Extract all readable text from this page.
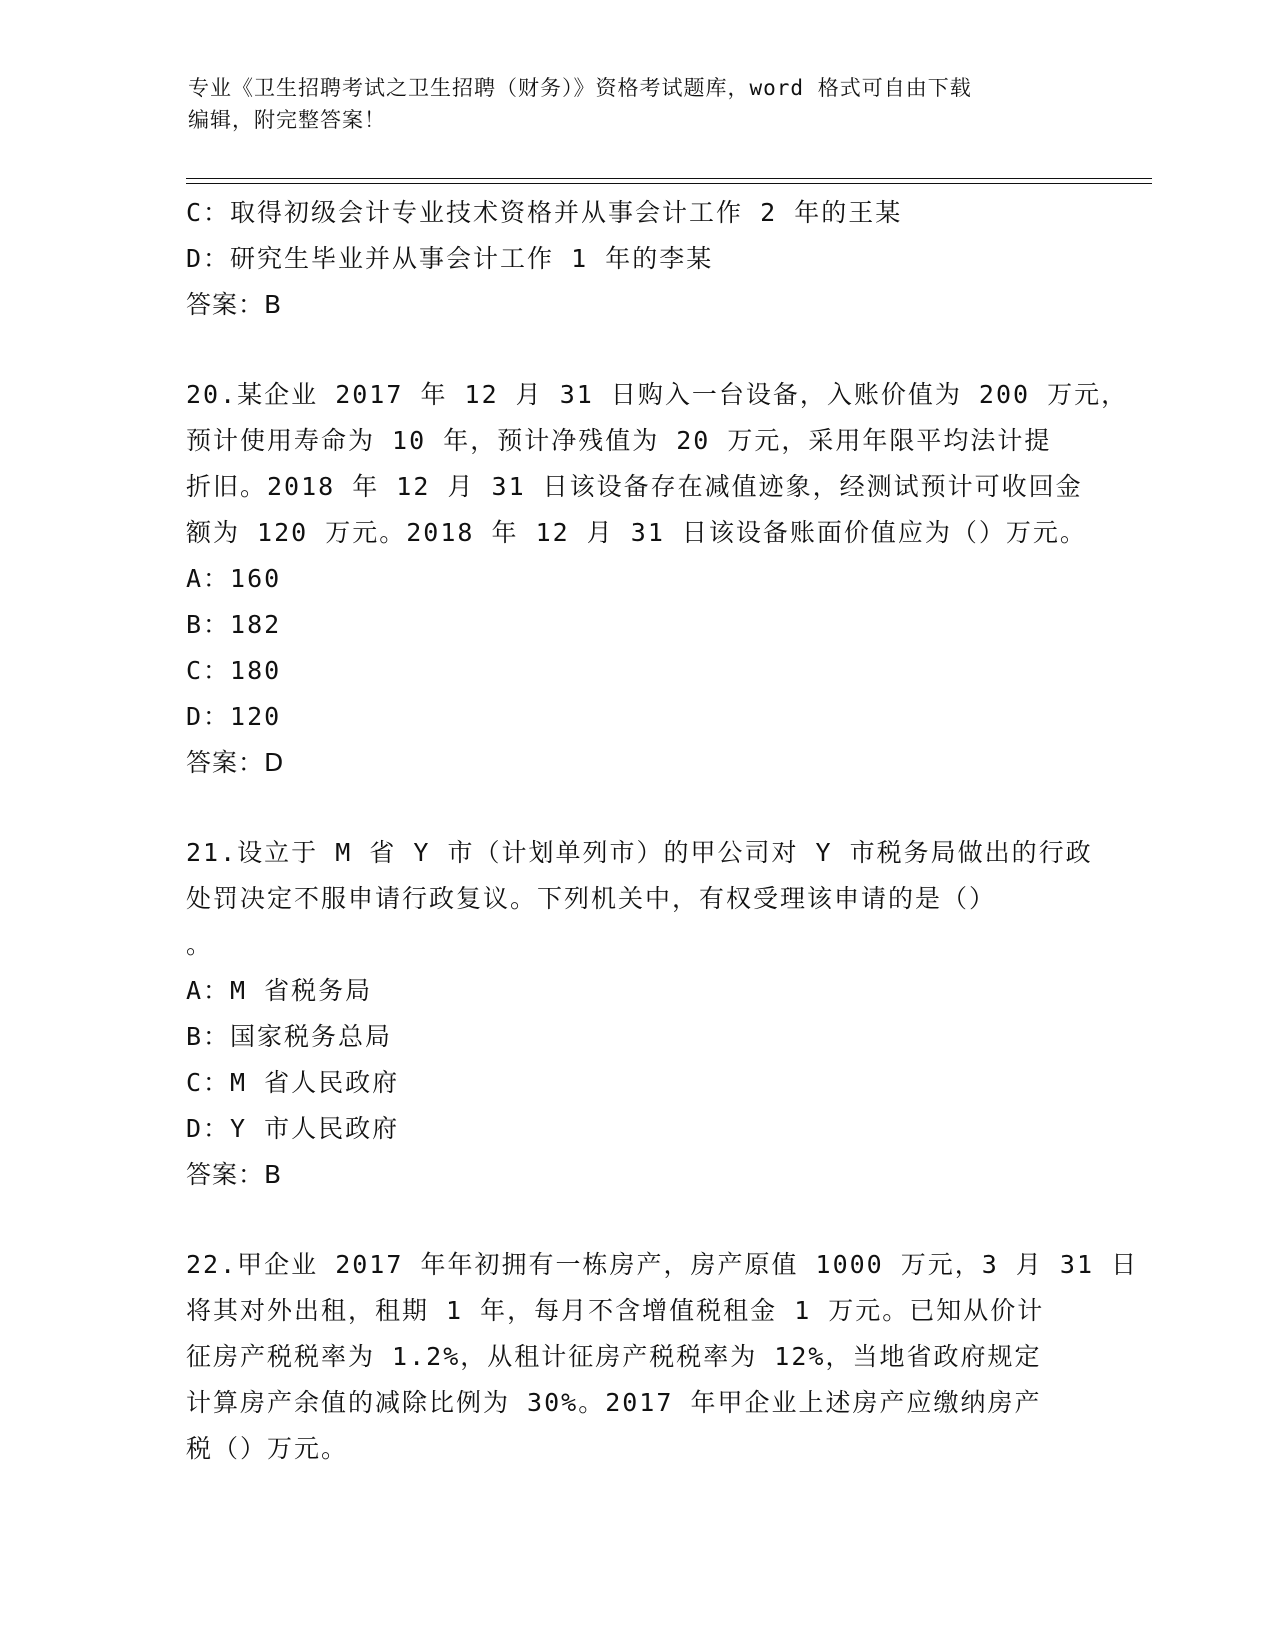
专业《卫生招聘考试之卫生招聘（财务）》资格考试题库，word 格式可自由下载
编辑，附完整答案！
C：取得初级会计专业技术资格并从事会计工作 2 年的王某
D：研究生毕业并从事会计工作 1 年的李某
答案：B
20.某企业 2017 年 12 月 31 日购入一台设备，入账价值为 200 万元，
预计使用寿命为 10 年，预计净残值为 20 万元，采用年限平均法计提
折旧。2018 年 12 月 31 日该设备存在减值迹象，经测试预计可收回金
额为 120 万元。2018 年 12 月 31 日该设备账面价值应为（）万元。
A：160
B：182
C：180
D：120
答案：D
21.设立于 M 省 Y 市（计划单列市）的甲公司对 Y 市税务局做出的行政
处罚决定不服申请行政复议。下列机关中，有权受理该申请的是（）
。
A：M 省税务局
B：国家税务总局
C：M 省人民政府
D：Y 市人民政府
答案：B
22.甲企业 2017 年年初拥有一栋房产，房产原值 1000 万元，3 月 31 日
将其对外出租，租期 1 年，每月不含增值税租金 1 万元。已知从价计
征房产税税率为 1.2%，从租计征房产税税率为 12%，当地省政府规定
计算房产余值的减除比例为 30%。2017 年甲企业上述房产应缴纳房产
税（）万元。
